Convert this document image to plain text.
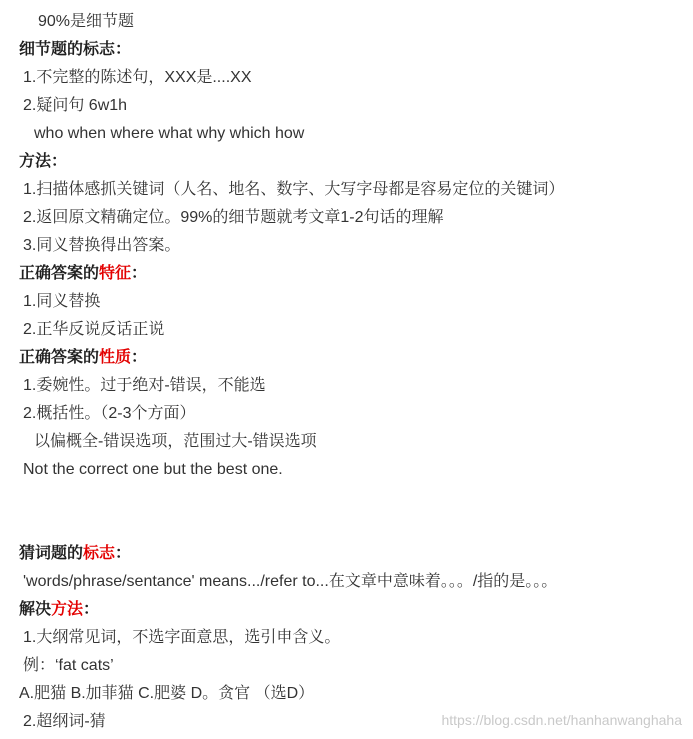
90%是细节题
细节题的标志：
1.不完整的陈述句，XXX是....XX
2.疑问句 6w1h
who when where what why which how
方法：
1.扫描体感抓关键词（人名、地名、数字、大写字母都是容易定位的关键词）
2.返回原文精确定位。99%的细节题就考文章1-2句话的理解
3.同义替换得出答案。
正确答案的特征：
1.同义替换
2.正华反说反话正说
正确答案的性质：
1.委婉性。过于绝对-错误，不能选
2.概括性。（2-3个方面）
以偏概全-错误选项，范围过大-错误选项
Not the correct one but the best one.
猜词题的标志：
'words/phrase/sentance' means.../refer to...在文章中意味着。。。/指的是。。。
解决方法：
1.大纲常见词，不选字面意思，选引申含义。
例：‘fat cats’
A.肥猫 B.加菲猫 C.肥婆 D。贪官 （选D）
2.超纲词-猜	https://blog.csdn.net/hanhanwanghaha
